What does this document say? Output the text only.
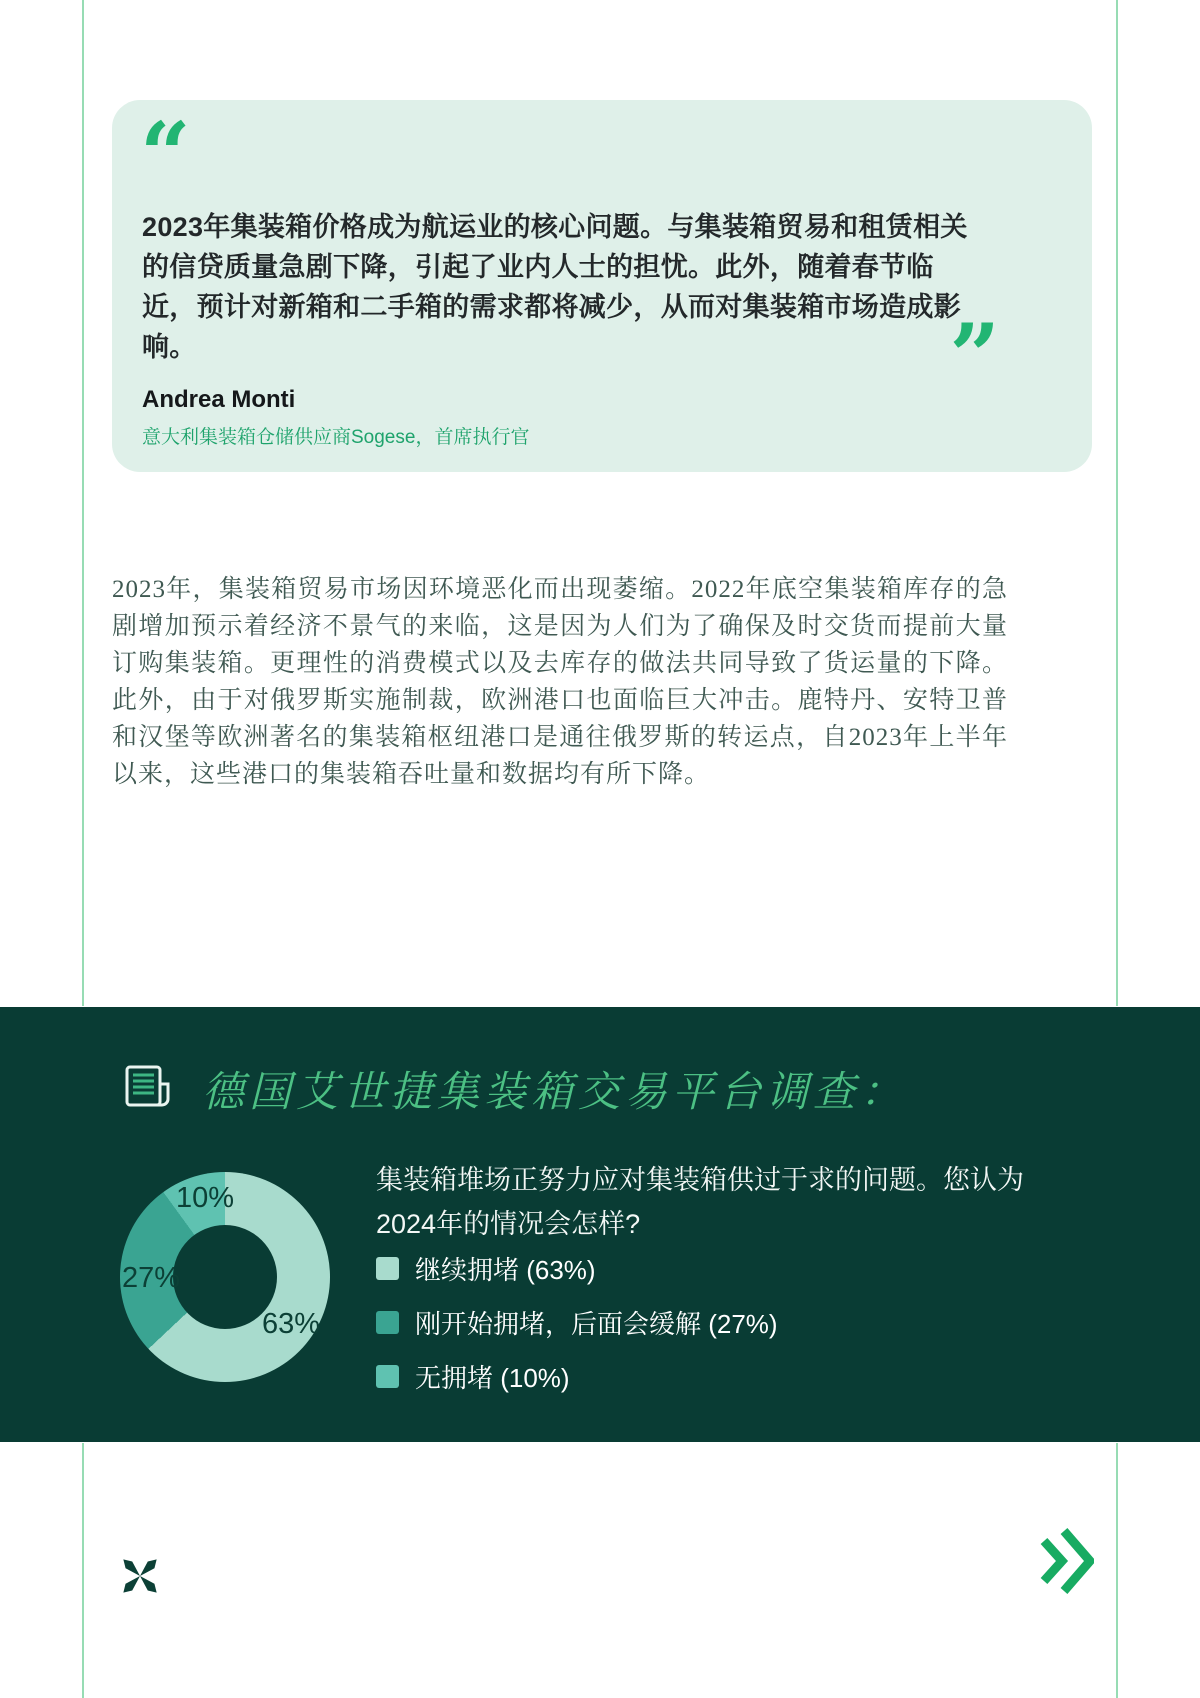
“

2023年集装箱价格成为航运业的核心问题。与集装箱贸易和租赁相关的信贷质量急剧下降，引起了业内人士的担忧。此外，随着春节临近，预计对新箱和二手箱的需求都将减少，从而对集装箱市场造成影响。	”
Andrea Monti
意大利集装箱仓储供应商Sogese，首席执行官

2023年，集装箱贸易市场因环境恶化而出现萎缩。2022年底空集装箱库存的急剧增加预示着经济不景气的来临，这是因为人们为了确保及时交货而提前大量订购集装箱。更理性的消费模式以及去库存的做法共同导致了货运量的下降。此外，由于对俄罗斯实施制裁，欧洲港口也面临巨大冲击。鹿特丹、安特卫普和汉堡等欧洲著名的集装箱枢纽港口是通往俄罗斯的转运点，自2023年上半年以来，这些港口的集装箱吞吐量和数据均有所下降。

德国艾世捷集装箱交易平台调查：
63%
27%
10%
集装箱堆场正努力应对集装箱供过于求的问题。您认为
2024年的情况会怎样?
继续拥堵 (63%)
刚开始拥堵，后面会缓解 (27%)
无拥堵 (10%)
